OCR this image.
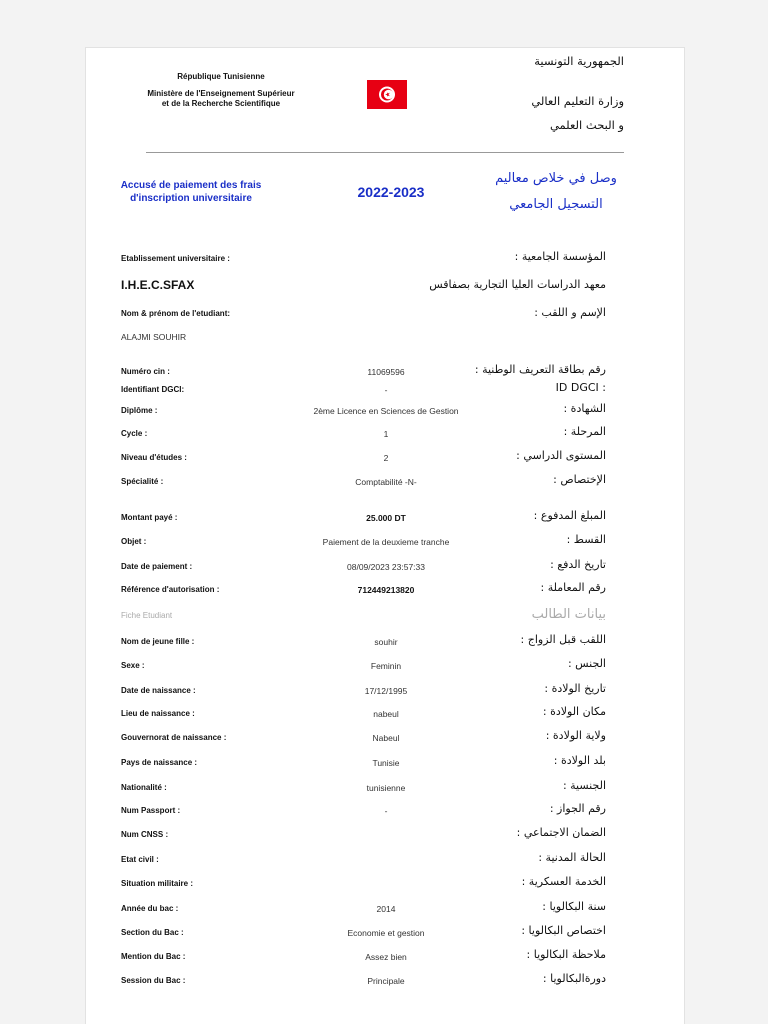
République Tunisienne
Ministère de l'Enseignement Supérieur
et de la Recherche Scientifique
الجمهورية التونسية
وزارة التعليم العالي
و البحث العلمي
Accusé de paiement des frais
d'inscription universitaire	2022-2023
وصل في خلاص معاليم
التسجيل الجامعي
Etablissement universitaire :	المؤسسة الجامعية :
I.H.E.C.SFAX	معهد الدراسات العليا التجارية بصفاقس
Nom & prénom de l'etudiant:	الإسم و اللقب :
ALAJMI SOUHIR
Numéro cin :	11069596	رقم بطاقة التعريف الوطنية :
Identifiant DGCI:	-	: ID DGCI
Diplôme :	2ème Licence en Sciences de Gestion	الشهادة :
Cycle :	1	المرحلة :
Niveau d'études :	2	المستوى الدراسي :
Spécialité :	Comptabilité -N-	الإختصاص :
Montant payé :	25.000 DT	المبلغ المدفوع :
Objet :	Paiement de la deuxieme tranche	القسط :
Date de paiement :	08/09/2023 23:57:33	تاريخ الدفع :
Référence d'autorisation :	712449213820	رقم المعاملة :
Fiche Etudiant	بيانات الطالب
Nom de jeune fille :	souhir	اللقب قبل الزواج :
Sexe :	Feminin	الجنس :
Date de naissance :	17/12/1995	تاريخ الولادة :
Lieu de naissance :	nabeul	مكان الولادة :
Gouvernorat de naissance :	Nabeul	ولاية الولادة :
Pays de naissance :	Tunisie	بلد الولادة :
Nationalité :	tunisienne	الجنسية :
Num Passport :	-	رقم الجواز :
Num CNSS :	الضمان الاجتماعي :
Etat civil :	الحالة المدنية :
Situation militaire :	الخدمة العسكرية :
Année du bac :	2014	سنة البكالويا :
Section du Bac :	Economie et gestion	اختصاص البكالويا :
Mention du Bac :	Assez bien	ملاحظة البكالويا :
Session du Bac :	Principale	دورةالبكالويا :
